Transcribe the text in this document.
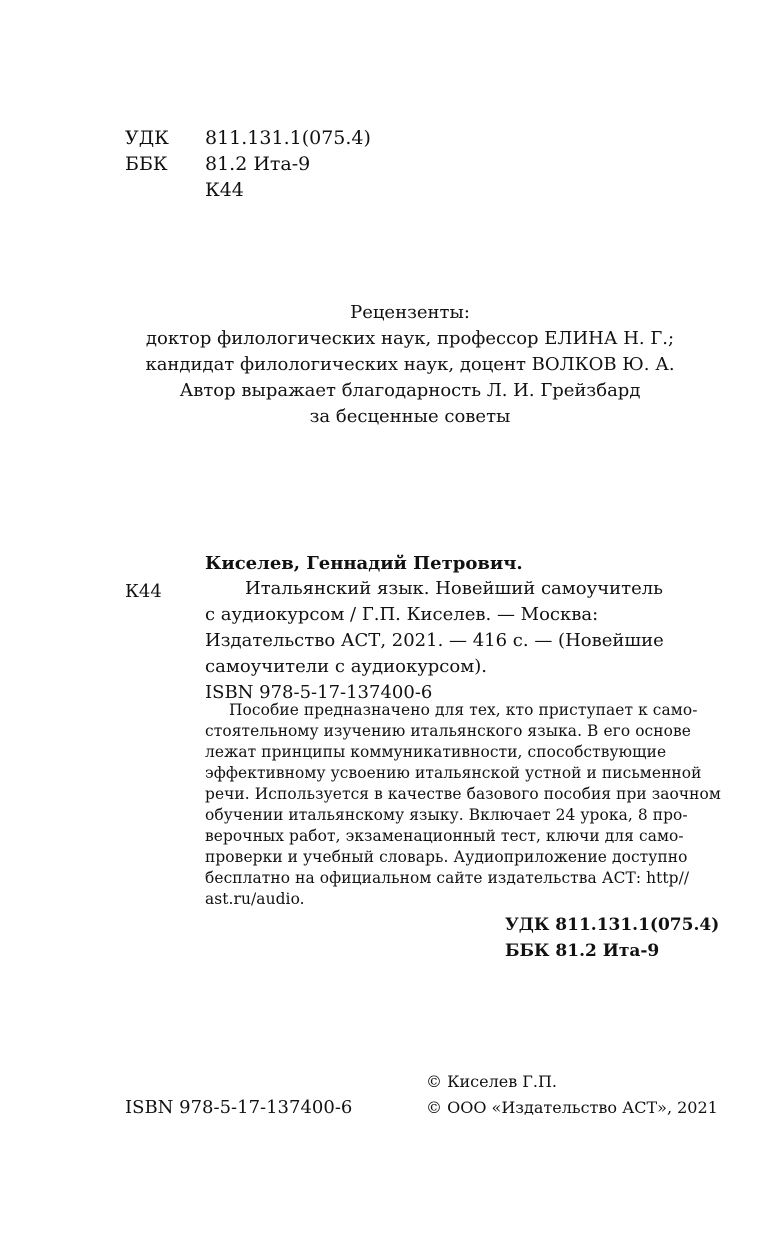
УДК 811.131.1(075.4)
ББК 81.2 Ита-9
К44
Рецензенты:
доктор филологических наук, профессор ЕЛИНА Н. Г.;
кандидат филологических наук, доцент ВОЛКОВ Ю. А.
Автор выражает благодарность Л. И. Грейзбард
за бесценные советы
Киселев, Геннадий Петрович.
К44	Итальянский язык. Новейший самоучитель
с аудиокурсом / Г.П. Киселев. — Москва:
Издательство АСТ, 2021. — 416 с. — (Новейшие
самоучители с аудиокурсом).
ISBN 978-5-17-137400-6
Пособие предназначено для тех, кто приступает к само-
стоятельному изучению итальянского языка. В его основе
лежат принципы коммуникативности, способствующие
эффективному усвоению итальянской устной и письменной
речи. Используется в качестве базового пособия при заочном
обучении итальянскому языку. Включает 24 урока, 8 про-
верочных работ, экзаменационный тест, ключи для само-
проверки и учебный словарь. Аудиоприложение доступно
бесплатно на официальном сайте издательства АСТ: http//
ast.ru/audio.
УДК 811.131.1(075.4)
ББК 81.2 Ита-9
© Киселев Г.П.
ISBN 978-5-17-137400-6	© ООО «Издательство АСТ», 2021
